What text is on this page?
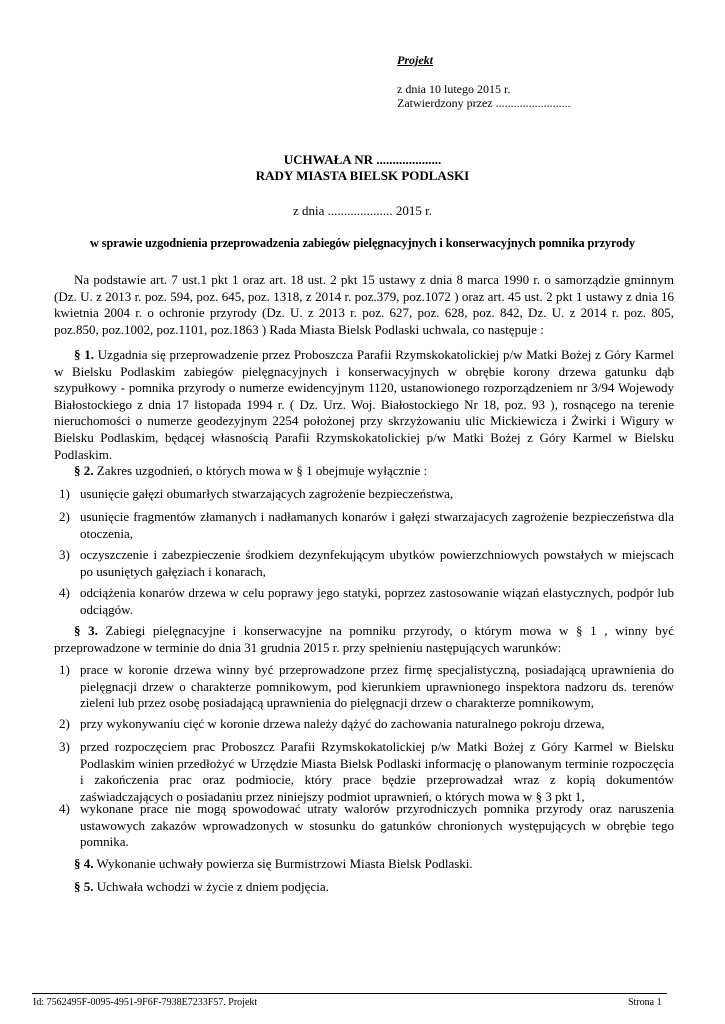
Projekt

z dnia 10 lutego 2015 r.

Zatwierdzony przez .........................

UCHWAŁA NR ....................

RADY MIASTA BIELSK PODLASKI

z dnia .................... 2015 r.

w sprawie uzgodnienia przeprowadzenia zabiegów pielęgnacyjnych i konserwacyjnych pomnika przyrody

Na podstawie art. 7 ust.1 pkt 1 oraz art. 18 ust. 2 pkt 15 ustawy z dnia 8 marca 1990 r. o samorządzie gminnym (Dz. U. z 2013 r. poz. 594, poz. 645, poz. 1318, z 2014 r. poz.379, poz.1072 ) oraz art. 45 ust. 2 pkt 1 ustawy z dnia 16 kwietnia 2004 r. o ochronie przyrody (Dz. U. z 2013 r. poz. 627, poz. 628, poz. 842, Dz. U. z 2014 r. poz. 805, poz.850, poz.1002, poz.1101, poz.1863 ) Rada Miasta Bielsk Podlaski uchwala, co następuje :

§ 1. Uzgadnia się przeprowadzenie przez Proboszcza Parafii Rzymskokatolickiej p/w Matki Bożej z Góry Karmel w Bielsku Podlaskim zabiegów pielęgnacyjnych i konserwacyjnych w obrębie korony drzewa gatunku dąb szypułkowy - pomnika przyrody o numerze ewidencyjnym 1120, ustanowionego rozporządzeniem nr 3/94 Wojewody Białostockiego z dnia 17 listopada 1994 r. ( Dz. Urz. Woj. Białostockiego Nr 18, poz. 93 ), rosnącego na terenie nieruchomości o numerze geodezyjnym 2254 położonej przy skrzyżowaniu ulic Mickiewicza i Żwirki i Wigury w Bielsku Podlaskim, będącej własnością Parafii Rzymskokatolickiej p/w Matki Bożej z Góry Karmel w Bielsku Podlaskim.

§ 2. Zakres uzgodnień, o których mowa w § 1 obejmuje wyłącznie :

1) usunięcie gałęzi obumarłych stwarzających zagrożenie bezpieczeństwa,
2) usunięcie fragmentów złamanych i nadłamanych konarów i gałęzi stwarzajacych zagrożenie bezpieczeństwa dla otoczenia,
3) oczyszczenie i zabezpieczenie środkiem dezynfekującym ubytków powierzchniowych powstałych w miejscach po usuniętych gałęziach i konarach,
4) odciążenia konarów drzewa w celu poprawy jego statyki, poprzez zastosowanie wiązań elastycznych, podpór lub odciągów.

§ 3. Zabiegi pielęgnacyjne i konserwacyjne na pomniku przyrody, o którym mowa w § 1 , winny być przeprowadzone w terminie do dnia 31 grudnia 2015 r. przy spełnieniu następujących warunków:

1) prace w koronie drzewa winny być przeprowadzone przez firmę specjalistyczną, posiadającą uprawnienia do pielęgnacji drzew o charakterze pomnikowym, pod kierunkiem uprawnionego inspektora nadzoru ds. terenów zieleni lub przez osobę posiadającą uprawnienia do pielęgnacji drzew o charakterze pomnikowym,
2) przy wykonywaniu cięć w koronie drzewa należy dążyć do zachowania naturalnego pokroju drzewa,
3) przed rozpoczęciem prac Proboszcz Parafii Rzymskokatolickiej p/w Matki Bożej z Góry Karmel w Bielsku Podlaskim winien przedłożyć w Urzędzie Miasta Bielsk Podlaski informację o planowanym terminie rozpoczęcia i zakończenia prac oraz podmiocie, który prace będzie przeprowadzał wraz z kopią dokumentów zaświadczających o posiadaniu przez niniejszy podmiot uprawnień, o których mowa w § 3 pkt 1,
4) wykonane prace nie mogą spowodować utraty walorów przyrodniczych pomnika przyrody oraz naruszenia ustawowych zakazów wprowadzonych w stosunku do gatunków chronionych występujących w obrębie tego pomnika.

§ 4. Wykonanie uchwały powierza się Burmistrzowi Miasta Bielsk Podlaski.

§ 5. Uchwała wchodzi w życie z dniem podjęcia.

Id: 7562495F-0095-4951-9F6F-7938E7233F57. Projekt	Strona 1
